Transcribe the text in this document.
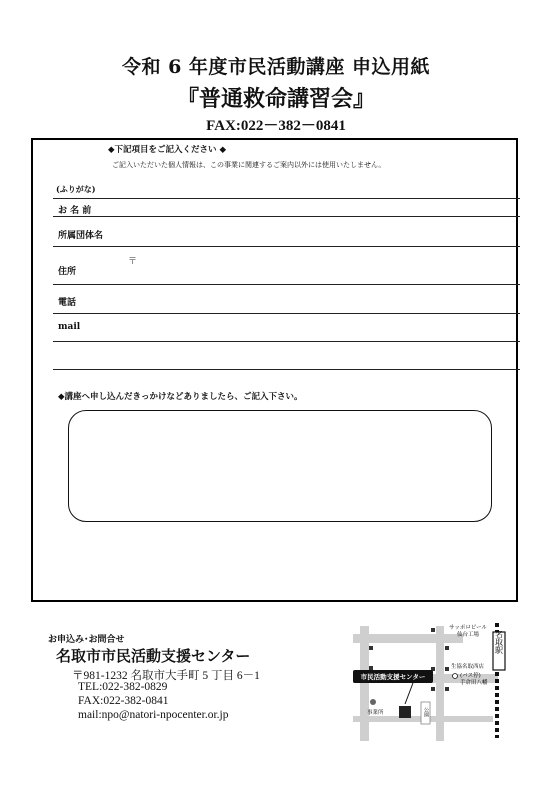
令和 6 年度市民活動講座 申込用紙
『普通救命講習会』
FAX:022－382－0841
◆下記項目をご記入ください ◆
ご記入いただいた個人情報は、この事業に関連するご案内以外には使用いたしません。
(ふりがな)
お 名 前
所属団体名
〒
住所
電話
mail
◆講座へ申し込んだきっかけなどありましたら、ご記入下さい。
お申込み･お問合せ
名取市市民活動支援センター
〒981-1232 名取市大手町 5 丁目 6－1
TEL:022-382-0829
FAX:022-382-0841
mail:npo@natori-npocenter.or.jp
名取駅
サッポロビール
仙台工場
生協名取西店
(バス停)
手倉田八幡
市民活動支援センター
事業所	公園
